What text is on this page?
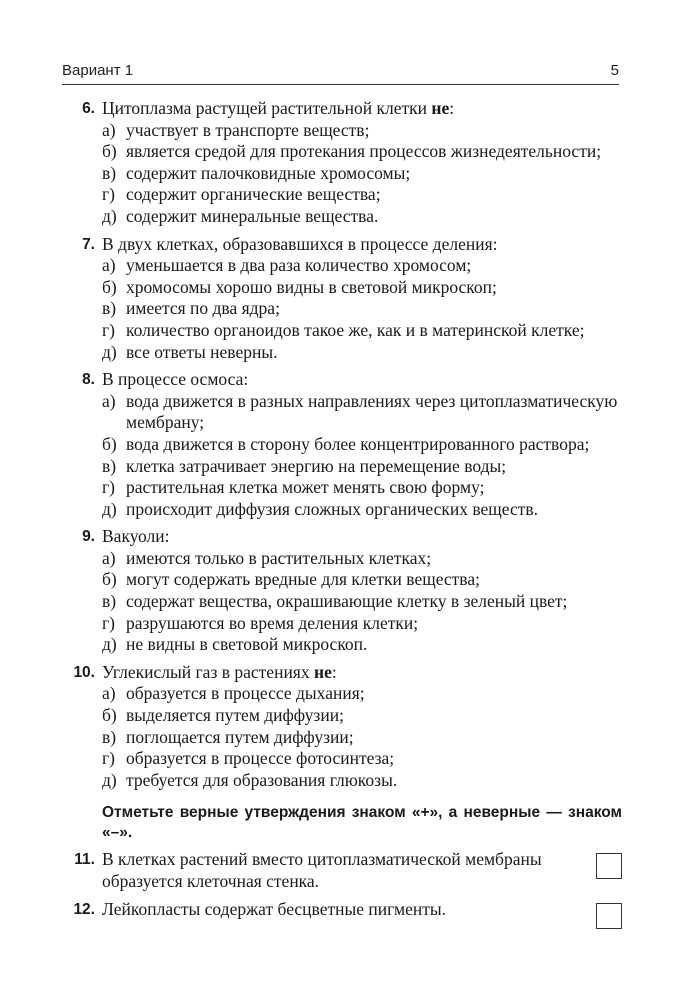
Вариант 1	5
6. Цитоплазма растущей растительной клетки не:
а) участвует в транспорте веществ;
б) является средой для протекания процессов жизнедеятельности;
в) содержит палочковидные хромосомы;
г) содержит органические вещества;
д) содержит минеральные вещества.
7. В двух клетках, образовавшихся в процессе деления:
а) уменьшается в два раза количество хромосом;
б) хромосомы хорошо видны в световой микроскоп;
в) имеется по два ядра;
г) количество органоидов такое же, как и в материнской клетке;
д) все ответы неверны.
8. В процессе осмоса:
а) вода движется в разных направлениях через цитоплазматическую мембрану;
б) вода движется в сторону более концентрированного раствора;
в) клетка затрачивает энергию на перемещение воды;
г) растительная клетка может менять свою форму;
д) происходит диффузия сложных органических веществ.
9. Вакуоли:
а) имеются только в растительных клетках;
б) могут содержать вредные для клетки вещества;
в) содержат вещества, окрашивающие клетку в зеленый цвет;
г) разрушаются во время деления клетки;
д) не видны в световой микроскоп.
10. Углекислый газ в растениях не:
а) образуется в процессе дыхания;
б) выделяется путем диффузии;
в) поглощается путем диффузии;
г) образуется в процессе фотосинтеза;
д) требуется для образования глюкозы.
Отметьте верные утверждения знаком «+», а неверные — знаком «–».
11. В клетках растений вместо цитоплазматической мембраны образуется клеточная стенка.
12. Лейкопласты содержат бесцветные пигменты.
